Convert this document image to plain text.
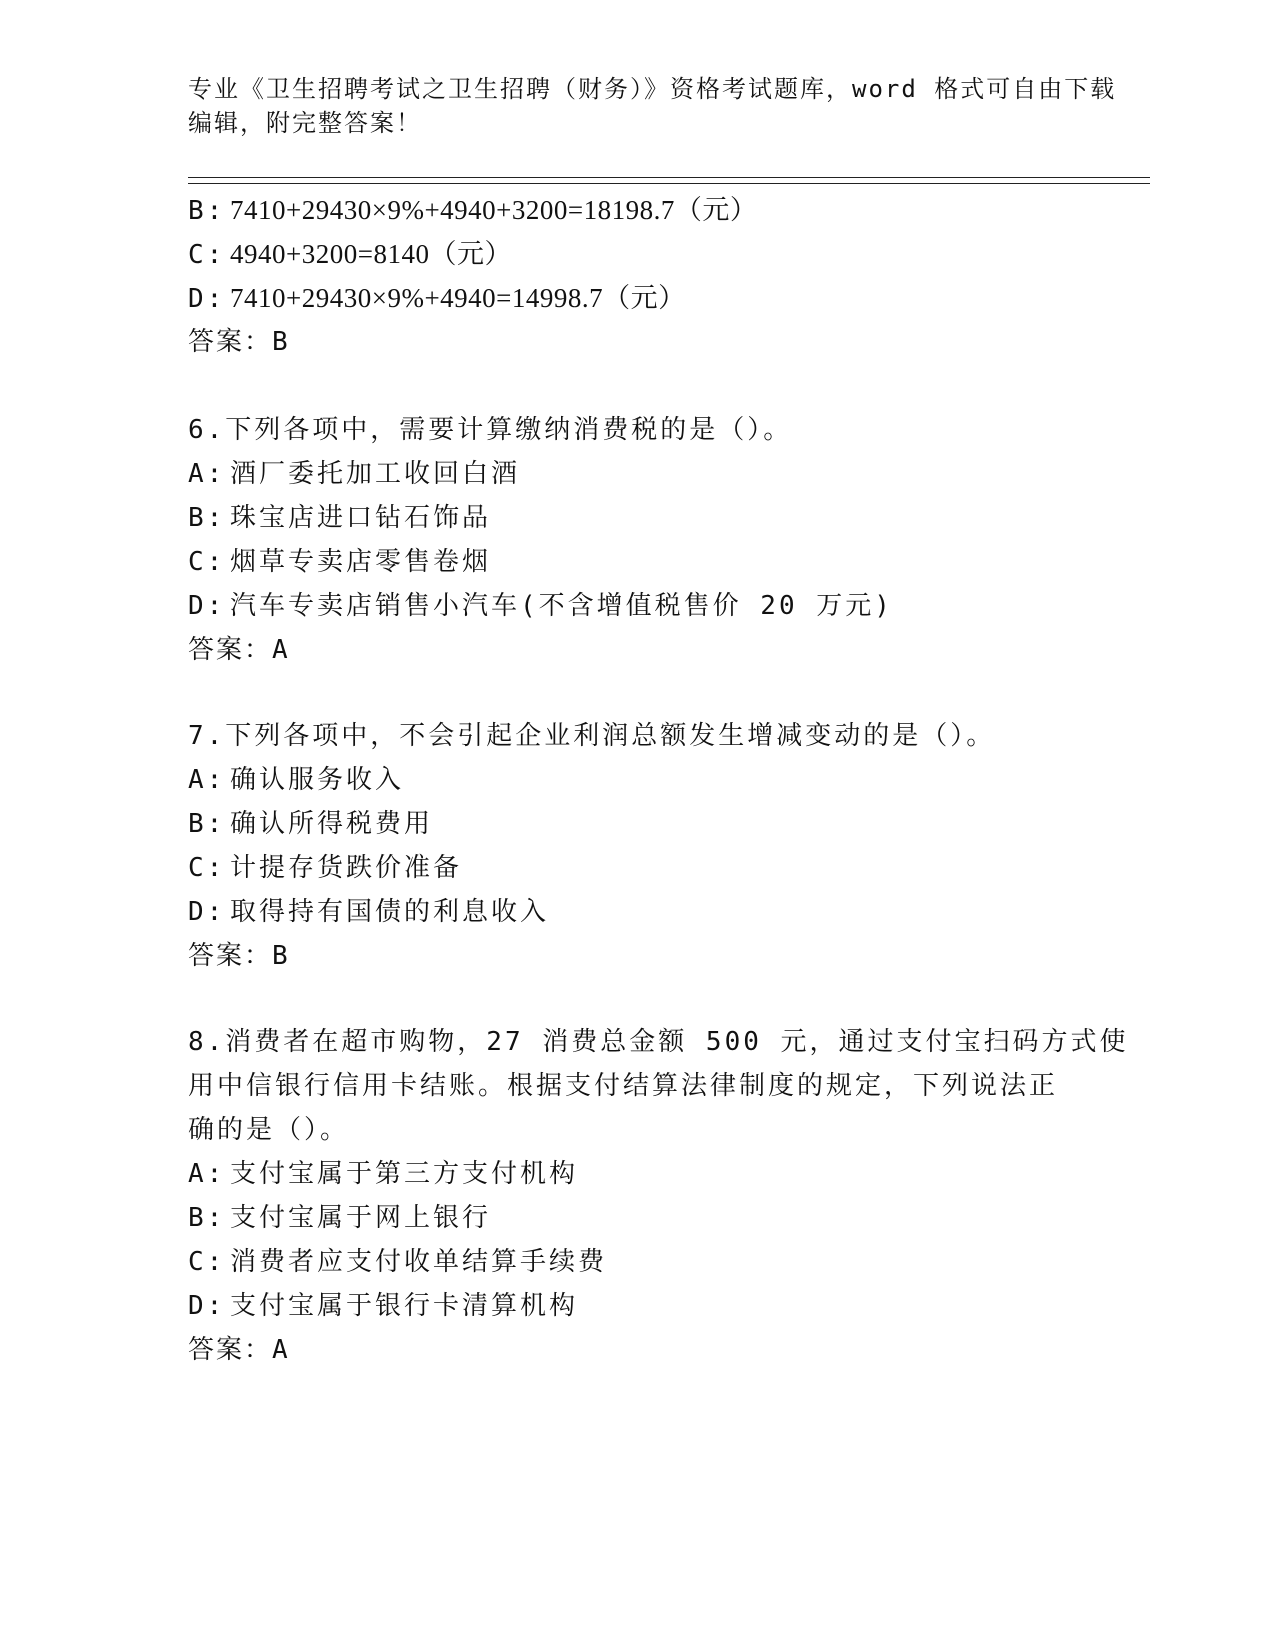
专业《卫生招聘考试之卫生招聘（财务）》资格考试题库，word 格式可自由下载
编辑，附完整答案！
B: 7410+29430×9%+4940+3200=18198.7（元）
C: 4940+3200=8140（元）
D: 7410+29430×9%+4940=14998.7（元）
答案：B
6.下列各项中，需要计算缴纳消费税的是（）。
A: 酒厂委托加工收回白酒
B: 珠宝店进口钻石饰品
C: 烟草专卖店零售卷烟
D: 汽车专卖店销售小汽车(不含增值税售价 20 万元)
答案：A
7.下列各项中，不会引起企业利润总额发生增减变动的是（）。
A: 确认服务收入
B: 确认所得税费用
C: 计提存货跌价准备
D: 取得持有国债的利息收入
答案：B
8.消费者在超市购物，27 消费总金额 500 元，通过支付宝扫码方式使
用中信银行信用卡结账。根据支付结算法律制度的规定，下列说法正
确的是（）。
A: 支付宝属于第三方支付机构
B: 支付宝属于网上银行
C: 消费者应支付收单结算手续费
D: 支付宝属于银行卡清算机构
答案：A
